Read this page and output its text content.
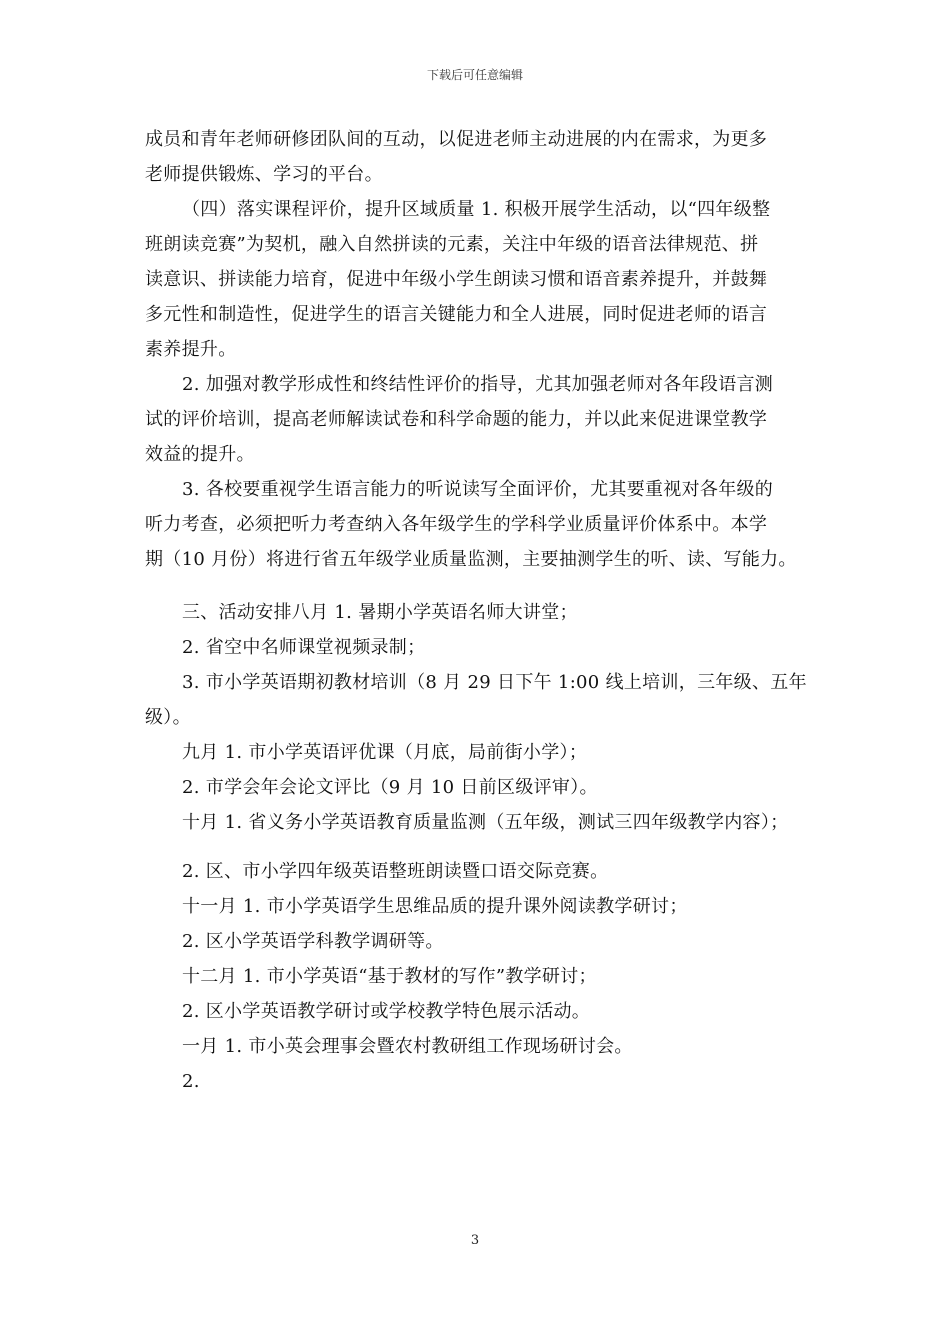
下载后可任意编辑
成员和青年老师研修团队间的互动，以促进老师主动进展的内在需求，为更多
老师提供锻炼、学习的平台。
（四）落实课程评价，提升区域质量 1. 积极开展学生活动，以“四年级整
班朗读竞赛”为契机，融入自然拼读的元素，关注中年级的语音法律规范、拼
读意识、拼读能力培育，促进中年级小学生朗读习惯和语音素养提升，并鼓舞
多元性和制造性，促进学生的语言关键能力和全人进展，同时促进老师的语言
素养提升。
2. 加强对教学形成性和终结性评价的指导，尤其加强老师对各年段语言测
试的评价培训，提高老师解读试卷和科学命题的能力，并以此来促进课堂教学
效益的提升。
3. 各校要重视学生语言能力的听说读写全面评价，尤其要重视对各年级的
听力考查，必须把听力考查纳入各年级学生的学科学业质量评价体系中。本学
期（10 月份）将进行省五年级学业质量监测，主要抽测学生的听、读、写能力。
三、活动安排八月 1. 暑期小学英语名师大讲堂；
2. 省空中名师课堂视频录制；
3. 市小学英语期初教材培训（8 月 29 日下午 1:00 线上培训，三年级、五年
级）。
九月 1. 市小学英语评优课（月底，局前街小学）；
2. 市学会年会论文评比（9 月 10 日前区级评审）。
十月 1. 省义务小学英语教育质量监测（五年级，测试三四年级教学内容）；
2. 区、市小学四年级英语整班朗读暨口语交际竞赛。
十一月 1. 市小学英语学生思维品质的提升课外阅读教学研讨；
2. 区小学英语学科教学调研等。
十二月 1. 市小学英语“基于教材的写作”教学研讨；
2. 区小学英语教学研讨或学校教学特色展示活动。
一月 1. 市小英会理事会暨农村教研组工作现场研讨会。
2.
3
